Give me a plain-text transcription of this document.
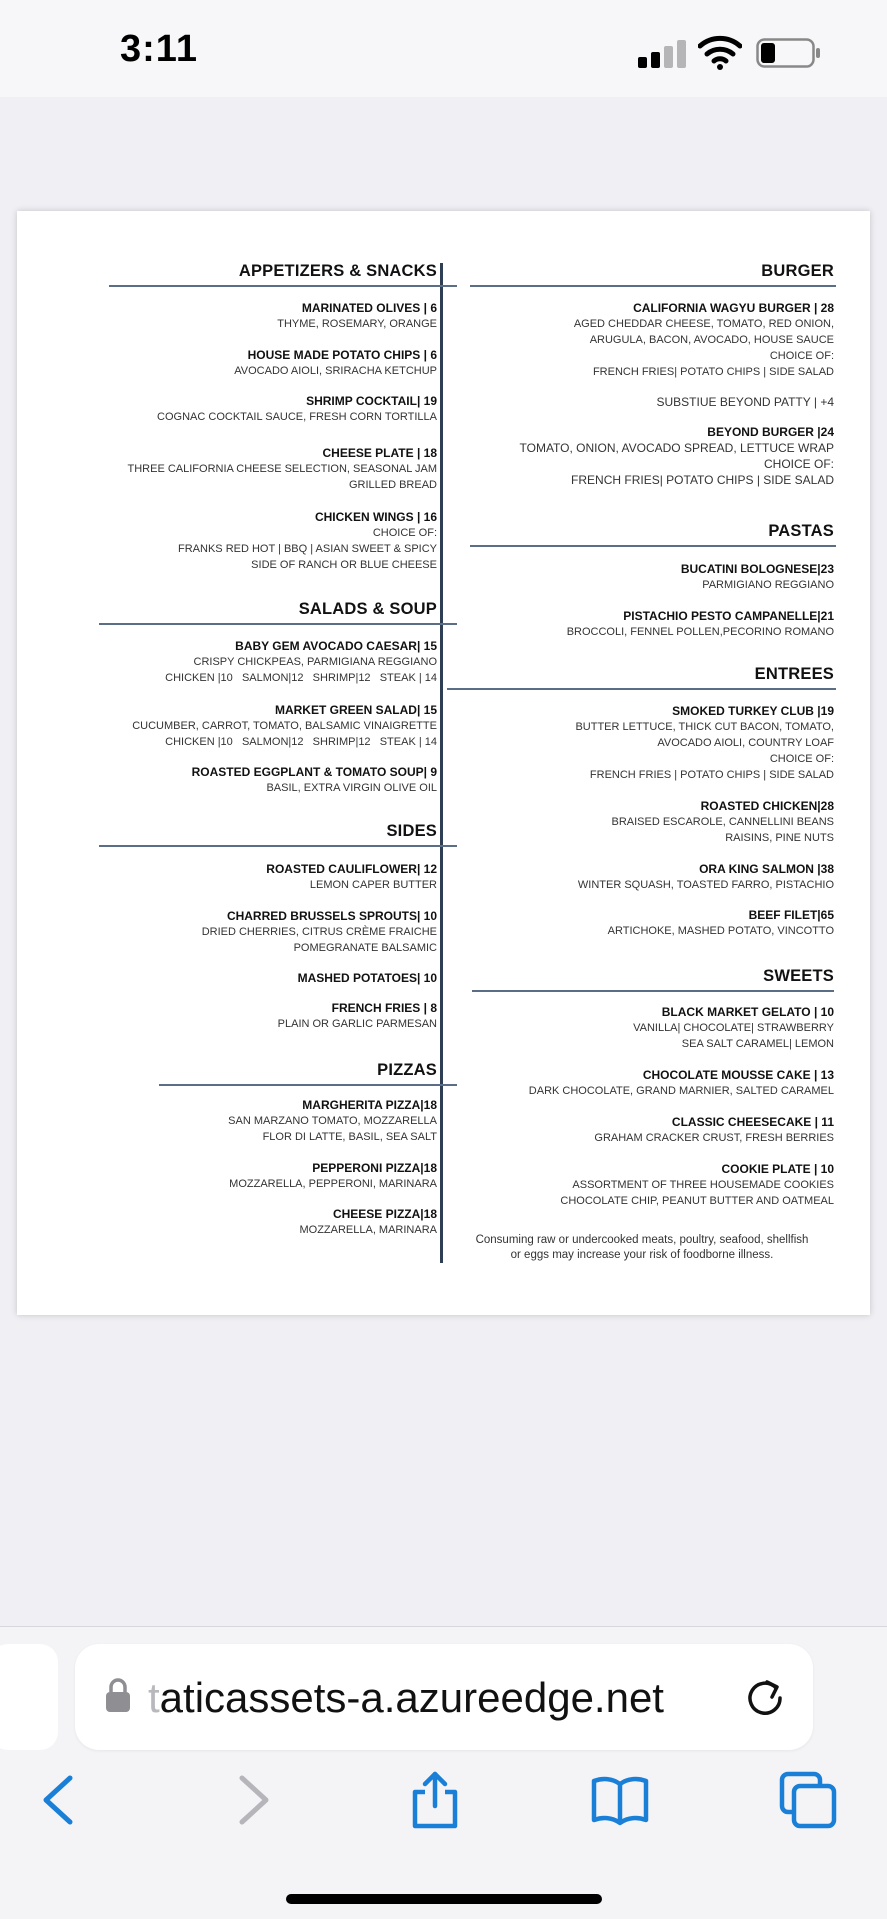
3:11
APPETIZERS & SNACKS
MARINATED OLIVES | 6
THYME, ROSEMARY, ORANGE
HOUSE MADE POTATO CHIPS | 6
AVOCADO AIOLI, SRIRACHA KETCHUP
SHRIMP COCKTAIL| 19
COGNAC COCKTAIL SAUCE, FRESH CORN TORTILLA
CHEESE PLATE | 18
THREE CALIFORNIA CHEESE SELECTION, SEASONAL JAM
GRILLED BREAD
CHICKEN WINGS | 16
CHOICE OF:
FRANKS RED HOT | BBQ | ASIAN SWEET & SPICY
SIDE OF RANCH OR BLUE CHEESE
SALADS & SOUP
BABY GEM AVOCADO CAESAR| 15
CRISPY CHICKPEAS, PARMIGIANA REGGIANO
CHICKEN |10   SALMON|12   SHRIMP|12   STEAK | 14
MARKET GREEN SALAD| 15
CUCUMBER, CARROT, TOMATO, BALSAMIC VINAIGRETTE
CHICKEN |10   SALMON|12   SHRIMP|12   STEAK | 14
ROASTED EGGPLANT & TOMATO SOUP| 9
BASIL, EXTRA VIRGIN OLIVE OIL
SIDES
ROASTED CAULIFLOWER| 12
LEMON CAPER BUTTER
CHARRED BRUSSELS SPROUTS| 10
DRIED CHERRIES, CITRUS CRÈME FRAICHE
POMEGRANATE BALSAMIC
MASHED POTATOES| 10
FRENCH FRIES | 8
PLAIN OR GARLIC PARMESAN
PIZZAS
MARGHERITA PIZZA|18
SAN MARZANO TOMATO, MOZZARELLA
FLOR DI LATTE, BASIL, SEA SALT
PEPPERONI PIZZA|18
MOZZARELLA, PEPPERONI, MARINARA
CHEESE PIZZA|18
MOZZARELLA, MARINARA
BURGER
CALIFORNIA WAGYU BURGER | 28
AGED CHEDDAR CHEESE, TOMATO, RED ONION,
ARUGULA, BACON, AVOCADO, HOUSE SAUCE
CHOICE OF:
FRENCH FRIES| POTATO CHIPS | SIDE SALAD
SUBSTIUE BEYOND PATTY | +4
BEYOND BURGER |24
TOMATO, ONION, AVOCADO SPREAD, LETTUCE WRAP
CHOICE OF:
FRENCH FRIES| POTATO CHIPS | SIDE SALAD
PASTAS
BUCATINI BOLOGNESE|23
PARMIGIANO REGGIANO
PISTACHIO PESTO CAMPANELLE|21
BROCCOLI, FENNEL POLLEN,PECORINO ROMANO
ENTREES
SMOKED TURKEY CLUB |19
BUTTER LETTUCE, THICK CUT BACON, TOMATO,
AVOCADO AIOLI, COUNTRY LOAF
CHOICE OF:
FRENCH FRIES | POTATO CHIPS | SIDE SALAD
ROASTED CHICKEN|28
BRAISED ESCAROLE, CANNELLINI BEANS
RAISINS, PINE NUTS
ORA KING SALMON |38
WINTER SQUASH, TOASTED FARRO, PISTACHIO
BEEF FILET|65
ARTICHOKE, MASHED POTATO, VINCOTTO
SWEETS
BLACK MARKET GELATO | 10
VANILLA| CHOCOLATE| STRAWBERRY
SEA SALT CARAMEL| LEMON
CHOCOLATE MOUSSE CAKE | 13
DARK CHOCOLATE, GRAND MARNIER, SALTED CARAMEL
CLASSIC CHEESECAKE | 11
GRAHAM CRACKER CRUST, FRESH BERRIES
COOKIE PLATE | 10
ASSORTMENT OF THREE HOUSEMADE COOKIES
CHOCOLATE CHIP, PEANUT BUTTER AND OATMEAL
Consuming raw or undercooked meats, poultry, seafood, shellfish
or eggs may increase your risk of foodborne illness.
taticassets-a.azureedge.net
